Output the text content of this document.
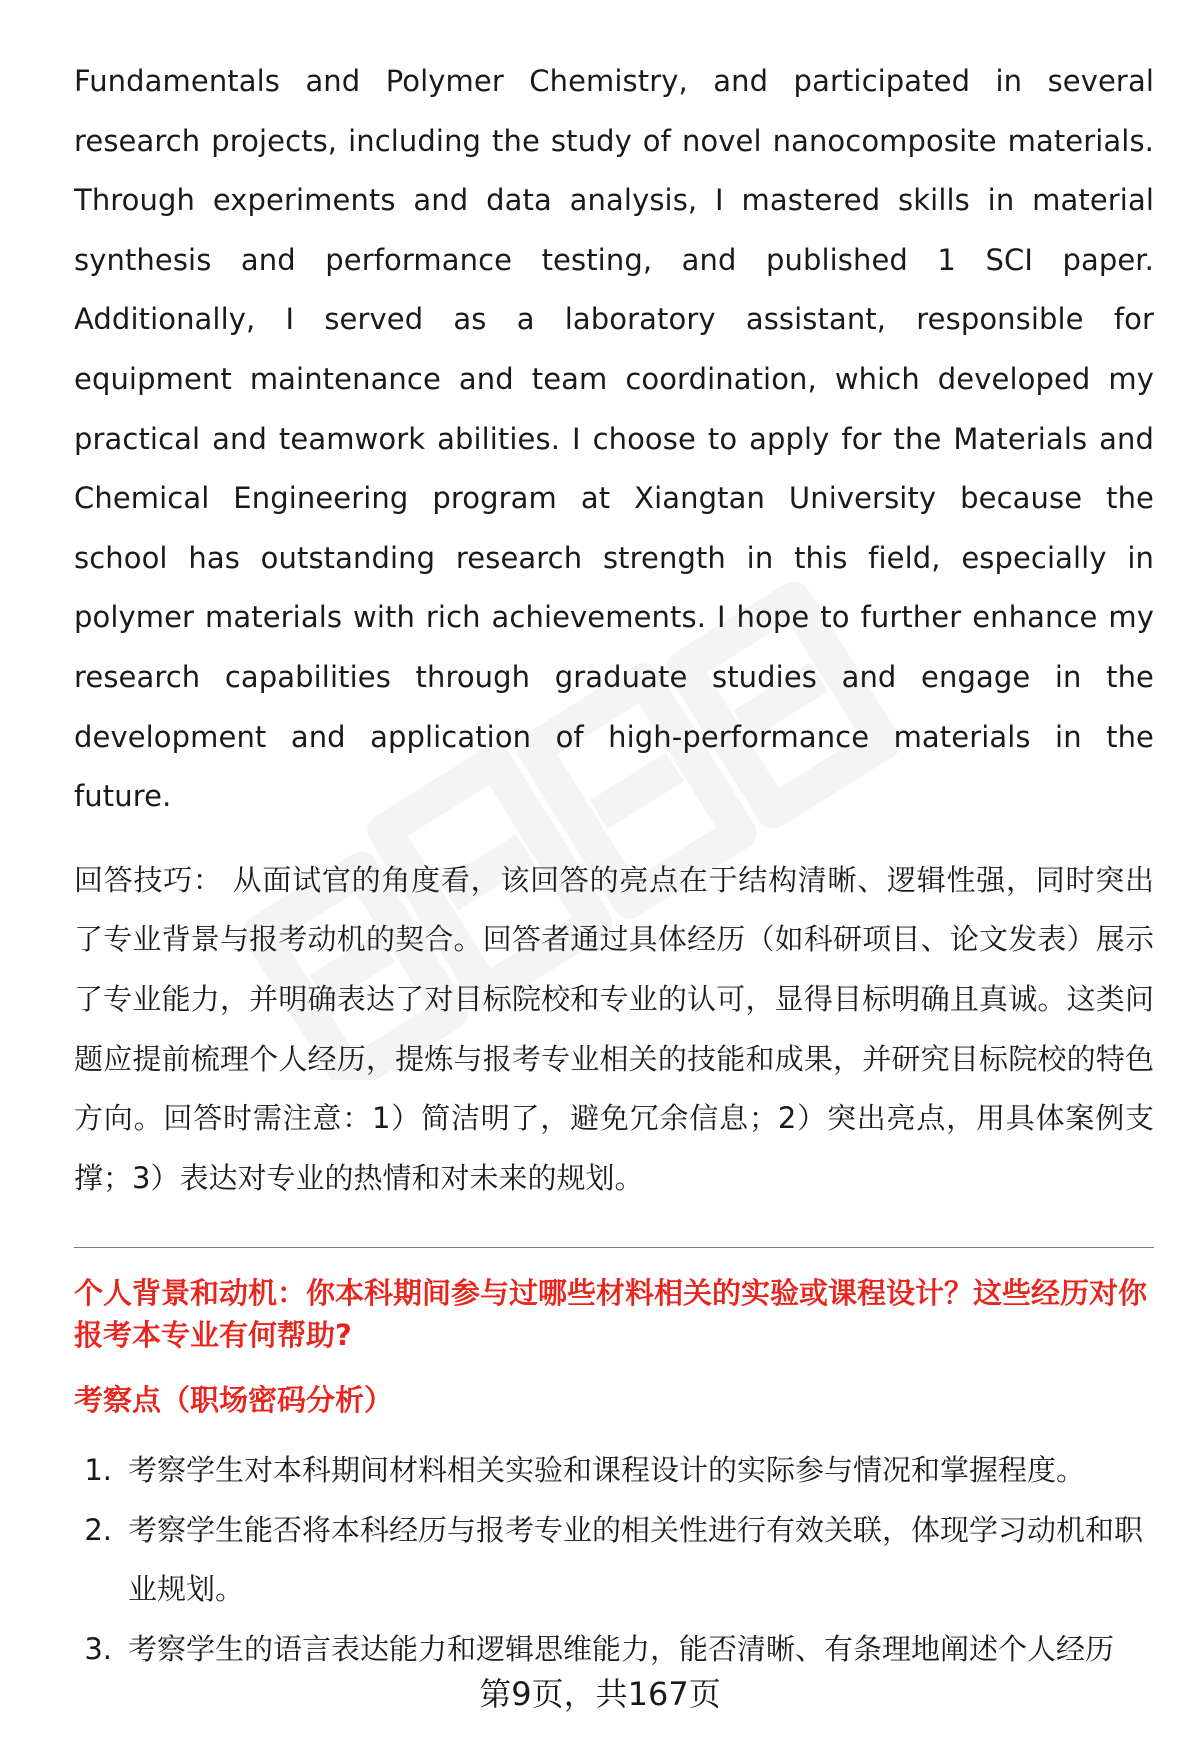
Fundamentals and Polymer Chemistry, and participated in several research projects, including the study of novel nanocomposite materials. Through experiments and data analysis, I mastered skills in material synthesis and performance testing, and published 1 SCI paper. Additionally, I served as a laboratory assistant, responsible for equipment maintenance and team coordination, which developed my practical and teamwork abilities. I choose to apply for the Materials and Chemical Engineering program at Xiangtan University because the school has outstanding research strength in this field, especially in polymer materials with rich achievements. I hope to further enhance my research capabilities through graduate studies and engage in the development and application of high-performance materials in the future.

回答技巧： 从面试官的角度看，该回答的亮点在于结构清晰、逻辑性强，同时突出了专业背景与报考动机的契合。回答者通过具体经历（如科研项目、论文发表）展示了专业能力，并明确表达了对目标院校和专业的认可，显得目标明确且真诚。这类问题应提前梳理个人经历，提炼与报考专业相关的技能和成果，并研究目标院校的特色方向。回答时需注意：1）简洁明了，避免冗余信息；2）突出亮点，用具体案例支撑；3）表达对专业的热情和对未来的规划。

个人背景和动机：你本科期间参与过哪些材料相关的实验或课程设计？这些经历对你报考本专业有何帮助?
考察点（职场密码分析）
1. 考察学生对本科期间材料相关实验和课程设计的实际参与情况和掌握程度。
2. 考察学生能否将本科经历与报考专业的相关性进行有效关联，体现学习动机和职业规划。
3. 考察学生的语言表达能力和逻辑思维能力，能否清晰、有条理地阐述个人经历
第9页，共167页
